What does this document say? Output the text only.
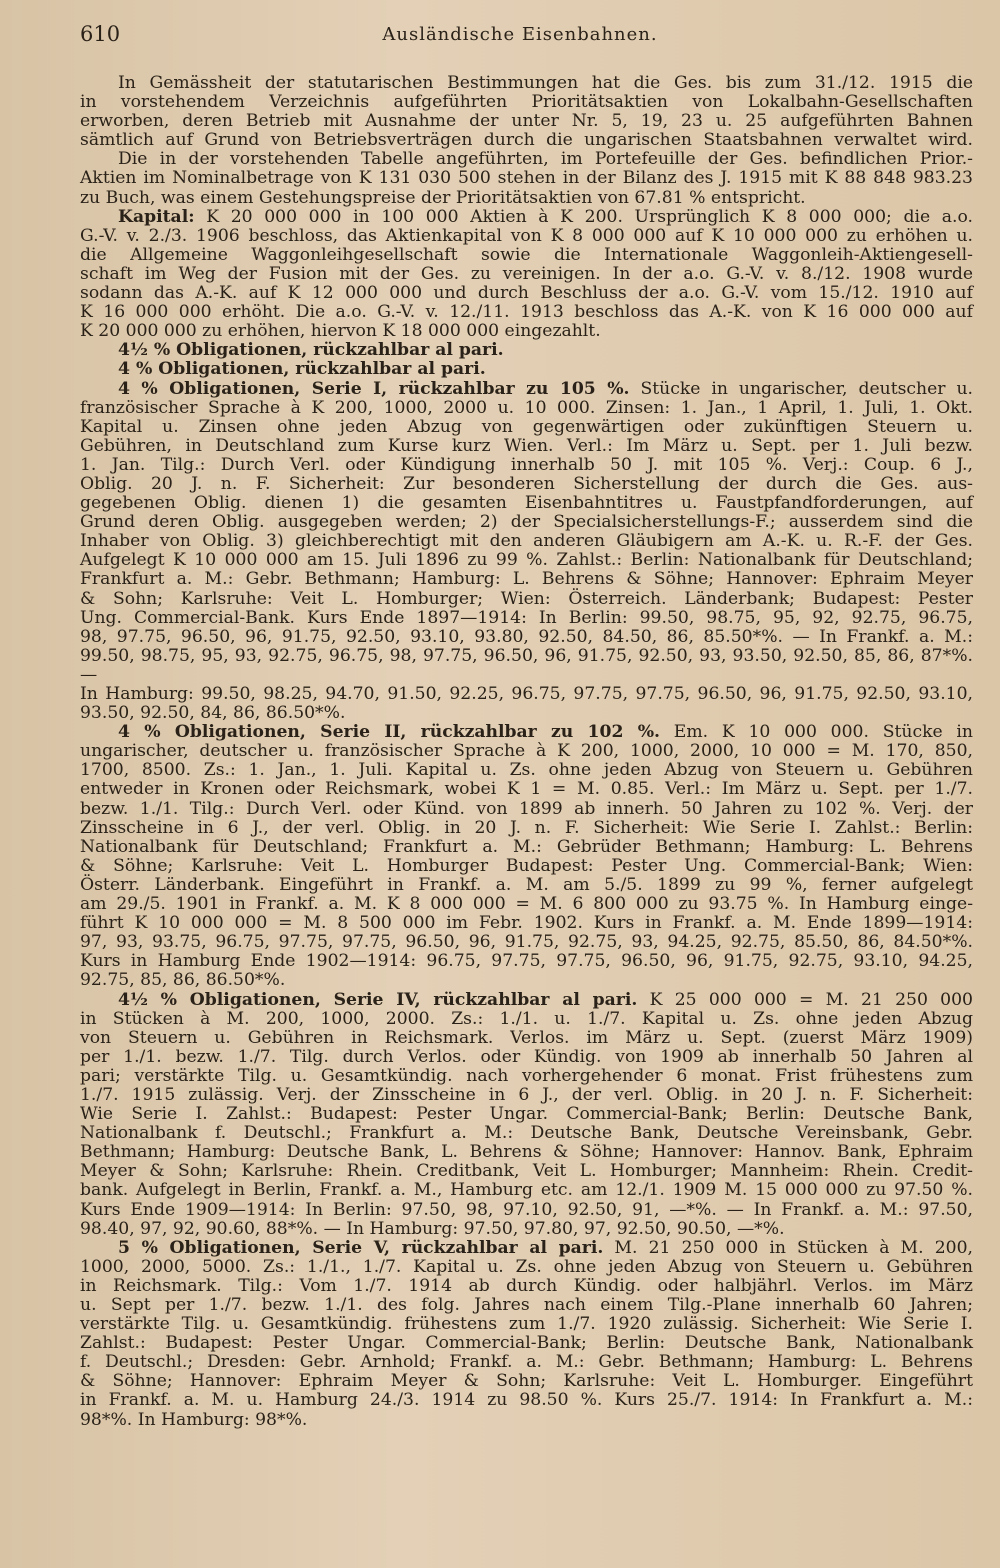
610	Ausländische Eisenbahnen.
In Gemässheit der statutarischen Bestimmungen hat die Ges. bis zum 31./12. 1915 die
in vorstehendem Verzeichnis aufgeführten Prioritätsaktien von Lokalbahn-Gesellschaften
erworben, deren Betrieb mit Ausnahme der unter Nr. 5, 19, 23 u. 25 aufgeführten Bahnen
sämtlich auf Grund von Betriebsverträgen durch die ungarischen Staatsbahnen verwaltet wird.
Die in der vorstehenden Tabelle angeführten, im Portefeuille der Ges. befindlichen Prior.-
Aktien im Nominalbetrage von K 131 030 500 stehen in der Bilanz des J. 1915 mit K 88 848 983.23
zu Buch, was einem Gestehungspreise der Prioritätsaktien von 67.81 % entspricht.
Kapital: K 20 000 000 in 100 000 Aktien à K 200. Ursprünglich K 8 000 000; die a.o.
G.-V. v. 2./3. 1906 beschloss, das Aktienkapital von K 8 000 000 auf K 10 000 000 zu erhöhen u.
die Allgemeine Waggonleihgesellschaft sowie die Internationale Waggonleih-Aktiengesell-
schaft im Weg der Fusion mit der Ges. zu vereinigen. In der a.o. G.-V. v. 8./12. 1908 wurde
sodann das A.-K. auf K 12 000 000 und durch Beschluss der a.o. G.-V. vom 15./12. 1910 auf
K 16 000 000 erhöht. Die a.o. G.-V. v. 12./11. 1913 beschloss das A.-K. von K 16 000 000 auf
K 20 000 000 zu erhöhen, hiervon K 18 000 000 eingezahlt.
4½ % Obligationen, rückzahlbar al pari.
4 % Obligationen, rückzahlbar al pari.
4 % Obligationen, Serie I, rückzahlbar zu 105 %. Stücke in ungarischer, deutscher u.
französischer Sprache à K 200, 1000, 2000 u. 10 000. Zinsen: 1. Jan., 1 April, 1. Juli, 1. Okt.
Kapital u. Zinsen ohne jeden Abzug von gegenwärtigen oder zukünftigen Steuern u.
Gebühren, in Deutschland zum Kurse kurz Wien. Verl.: Im März u. Sept. per 1. Juli bezw.
1. Jan. Tilg.: Durch Verl. oder Kündigung innerhalb 50 J. mit 105 %. Verj.: Coup. 6 J.,
Oblig. 20 J. n. F. Sicherheit: Zur besonderen Sicherstellung der durch die Ges. aus-
gegebenen Oblig. dienen 1) die gesamten Eisenbahntitres u. Faustpfandforderungen, auf
Grund deren Oblig. ausgegeben werden; 2) der Specialsicherstellungs-F.; ausserdem sind die
Inhaber von Oblig. 3) gleichberechtigt mit den anderen Gläubigern am A.-K. u. R.-F. der Ges.
Aufgelegt K 10 000 000 am 15. Juli 1896 zu 99 %. Zahlst.: Berlin: Nationalbank für Deutschland;
Frankfurt a. M.: Gebr. Bethmann; Hamburg: L. Behrens & Söhne; Hannover: Ephraim Meyer
& Sohn; Karlsruhe: Veit L. Homburger; Wien: Österreich. Länderbank; Budapest: Pester
Ung. Commercial-Bank. Kurs Ende 1897—1914: In Berlin: 99.50, 98.75, 95, 92, 92.75, 96.75,
98, 97.75, 96.50, 96, 91.75, 92.50, 93.10, 93.80, 92.50, 84.50, 86, 85.50*%. — In Frankf. a. M.:
99.50, 98.75, 95, 93, 92.75, 96.75, 98, 97.75, 96.50, 96, 91.75, 92.50, 93, 93.50, 92.50, 85, 86, 87*%. —
In Hamburg: 99.50, 98.25, 94.70, 91.50, 92.25, 96.75, 97.75, 97.75, 96.50, 96, 91.75, 92.50, 93.10,
93.50, 92.50, 84, 86, 86.50*%.
4 % Obligationen, Serie II, rückzahlbar zu 102 %. Em. K 10 000 000. Stücke in
ungarischer, deutscher u. französischer Sprache à K 200, 1000, 2000, 10 000 = M. 170, 850,
1700, 8500. Zs.: 1. Jan., 1. Juli. Kapital u. Zs. ohne jeden Abzug von Steuern u. Gebühren
entweder in Kronen oder Reichsmark, wobei K 1 = M. 0.85. Verl.: Im März u. Sept. per 1./7.
bezw. 1./1. Tilg.: Durch Verl. oder Künd. von 1899 ab innerh. 50 Jahren zu 102 %. Verj. der
Zinsscheine in 6 J., der verl. Oblig. in 20 J. n. F. Sicherheit: Wie Serie I. Zahlst.: Berlin:
Nationalbank für Deutschland; Frankfurt a. M.: Gebrüder Bethmann; Hamburg: L. Behrens
& Söhne; Karlsruhe: Veit L. Homburger Budapest: Pester Ung. Commercial-Bank; Wien:
Österr. Länderbank. Eingeführt in Frankf. a. M. am 5./5. 1899 zu 99 %, ferner aufgelegt
am 29./5. 1901 in Frankf. a. M. K 8 000 000 = M. 6 800 000 zu 93.75 %. In Hamburg einge-
führt K 10 000 000 = M. 8 500 000 im Febr. 1902. Kurs in Frankf. a. M. Ende 1899—1914:
97, 93, 93.75, 96.75, 97.75, 97.75, 96.50, 96, 91.75, 92.75, 93, 94.25, 92.75, 85.50, 86, 84.50*%.
Kurs in Hamburg Ende 1902—1914: 96.75, 97.75, 97.75, 96.50, 96, 91.75, 92.75, 93.10, 94.25,
92.75, 85, 86, 86.50*%.
4½ % Obligationen, Serie IV, rückzahlbar al pari. K 25 000 000 = M. 21 250 000
in Stücken à M. 200, 1000, 2000. Zs.: 1./1. u. 1./7. Kapital u. Zs. ohne jeden Abzug
von Steuern u. Gebühren in Reichsmark. Verlos. im März u. Sept. (zuerst März 1909)
per 1./1. bezw. 1./7. Tilg. durch Verlos. oder Kündig. von 1909 ab innerhalb 50 Jahren al
pari; verstärkte Tilg. u. Gesamtkündig. nach vorhergehender 6 monat. Frist frühestens zum
1./7. 1915 zulässig. Verj. der Zinsscheine in 6 J., der verl. Oblig. in 20 J. n. F. Sicherheit:
Wie Serie I. Zahlst.: Budapest: Pester Ungar. Commercial-Bank; Berlin: Deutsche Bank,
Nationalbank f. Deutschl.; Frankfurt a. M.: Deutsche Bank, Deutsche Vereinsbank, Gebr.
Bethmann; Hamburg: Deutsche Bank, L. Behrens & Söhne; Hannover: Hannov. Bank, Ephraim
Meyer & Sohn; Karlsruhe: Rhein. Creditbank, Veit L. Homburger; Mannheim: Rhein. Credit-
bank. Aufgelegt in Berlin, Frankf. a. M., Hamburg etc. am 12./1. 1909 M. 15 000 000 zu 97.50 %.
Kurs Ende 1909—1914: In Berlin: 97.50, 98, 97.10, 92.50, 91, —*%. — In Frankf. a. M.: 97.50,
98.40, 97, 92, 90.60, 88*%. — In Hamburg: 97.50, 97.80, 97, 92.50, 90.50, —*%.
5 % Obligationen, Serie V, rückzahlbar al pari. M. 21 250 000 in Stücken à M. 200,
1000, 2000, 5000. Zs.: 1./1., 1./7. Kapital u. Zs. ohne jeden Abzug von Steuern u. Gebühren
in Reichsmark. Tilg.: Vom 1./7. 1914 ab durch Kündig. oder halbjährl. Verlos. im März
u. Sept per 1./7. bezw. 1./1. des folg. Jahres nach einem Tilg.-Plane innerhalb 60 Jahren;
verstärkte Tilg. u. Gesamtkündig. frühestens zum 1./7. 1920 zulässig. Sicherheit: Wie Serie I.
Zahlst.: Budapest: Pester Ungar. Commercial-Bank; Berlin: Deutsche Bank, Nationalbank
f. Deutschl.; Dresden: Gebr. Arnhold; Frankf. a. M.: Gebr. Bethmann; Hamburg: L. Behrens
& Söhne; Hannover: Ephraim Meyer & Sohn; Karlsruhe: Veit L. Homburger. Eingeführt
in Frankf. a. M. u. Hamburg 24./3. 1914 zu 98.50 %. Kurs 25./7. 1914: In Frankfurt a. M.:
98*%. In Hamburg: 98*%.
